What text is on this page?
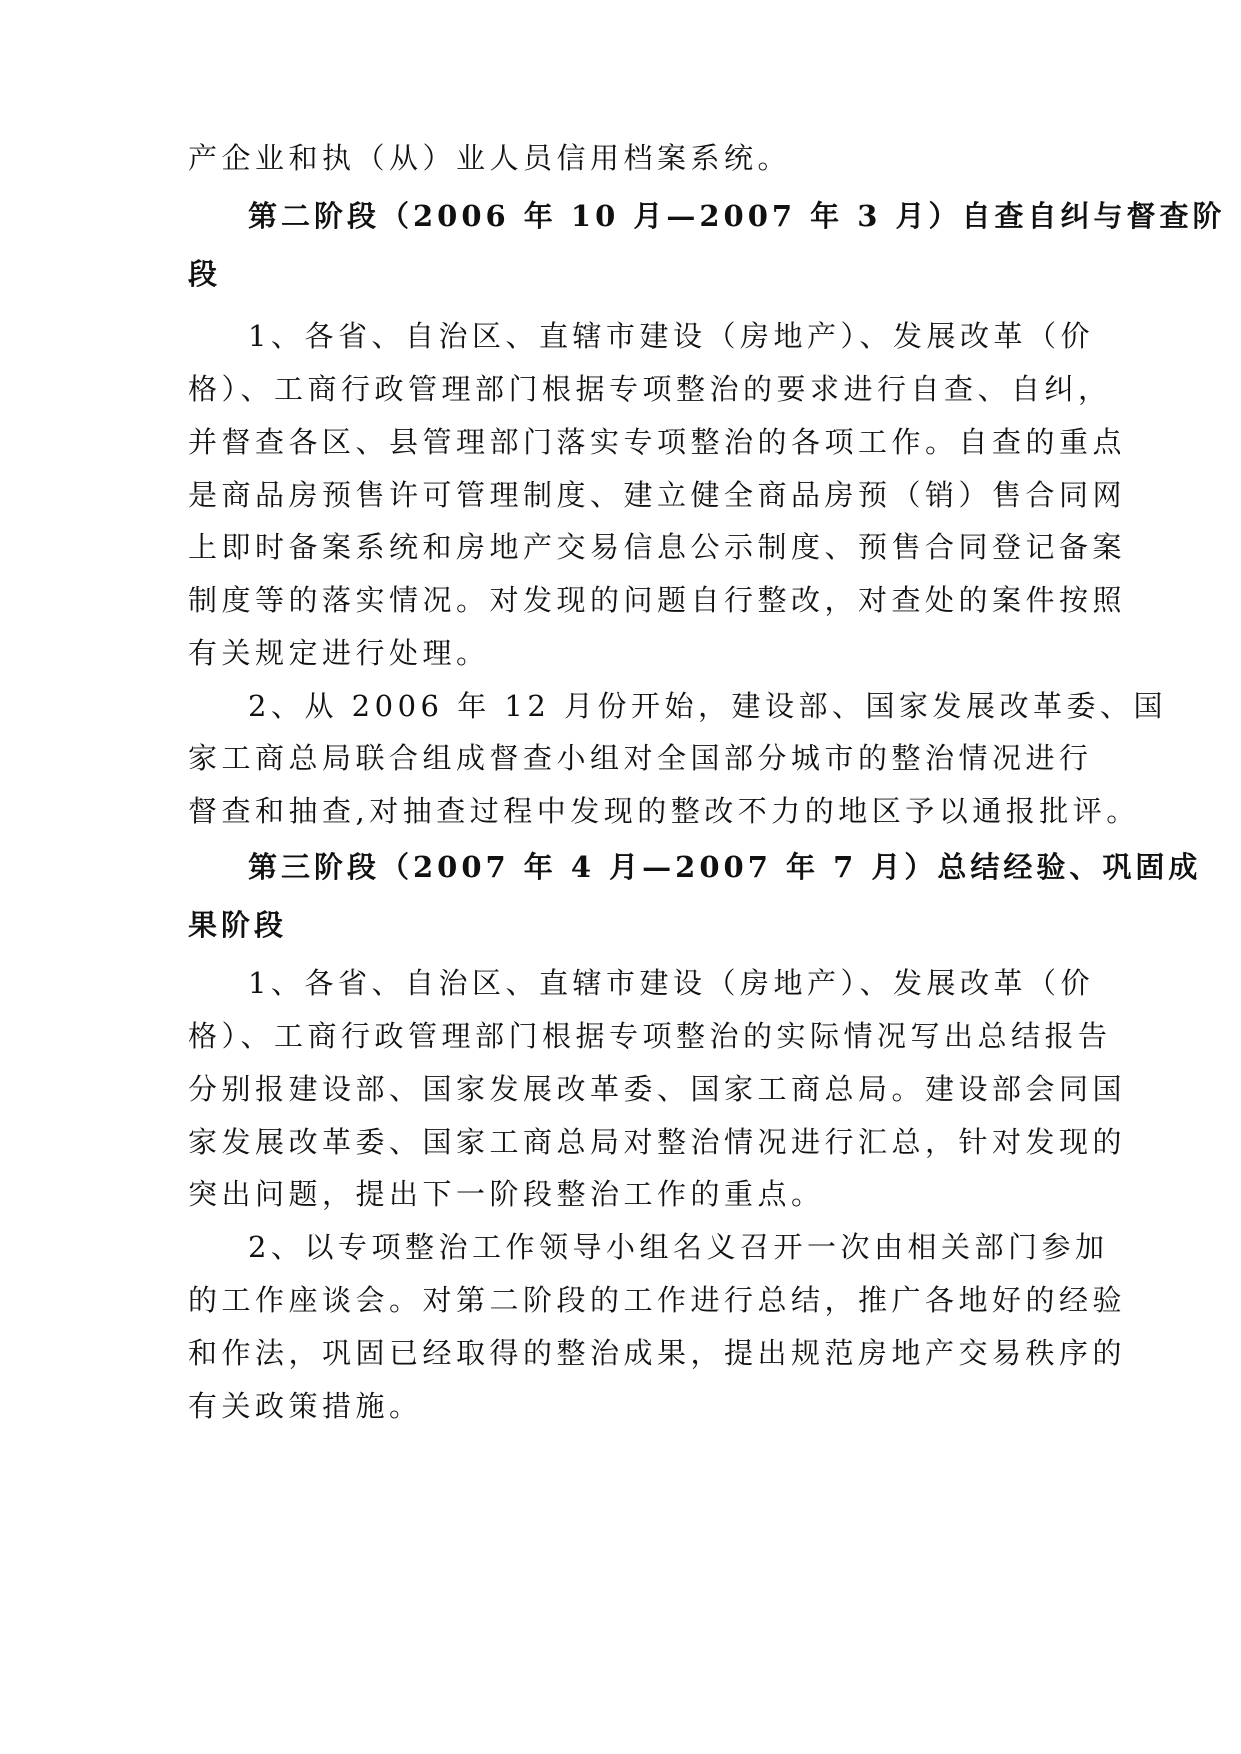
产企业和执（从）业人员信用档案系统。
第二阶段（2006 年 10 月—2007 年 3 月）自查自纠与督查阶
段
1、各省、自治区、直辖市建设（房地产）、发展改革（价
格）、工商行政管理部门根据专项整治的要求进行自查、自纠，
并督查各区、县管理部门落实专项整治的各项工作。自查的重点
是商品房预售许可管理制度、建立健全商品房预（销）售合同网
上即时备案系统和房地产交易信息公示制度、预售合同登记备案
制度等的落实情况。对发现的问题自行整改，对查处的案件按照
有关规定进行处理。
2、从 2006 年 12 月份开始，建设部、国家发展改革委、国
家工商总局联合组成督查小组对全国部分城市的整治情况进行
督查和抽查,对抽查过程中发现的整改不力的地区予以通报批评。
第三阶段（2007 年 4 月—2007 年 7 月）总结经验、巩固成
果阶段
1、各省、自治区、直辖市建设（房地产）、发展改革（价
格）、工商行政管理部门根据专项整治的实际情况写出总结报告
分别报建设部、国家发展改革委、国家工商总局。建设部会同国
家发展改革委、国家工商总局对整治情况进行汇总，针对发现的
突出问题，提出下一阶段整治工作的重点。
2、以专项整治工作领导小组名义召开一次由相关部门参加
的工作座谈会。对第二阶段的工作进行总结，推广各地好的经验
和作法，巩固已经取得的整治成果，提出规范房地产交易秩序的
有关政策措施。
